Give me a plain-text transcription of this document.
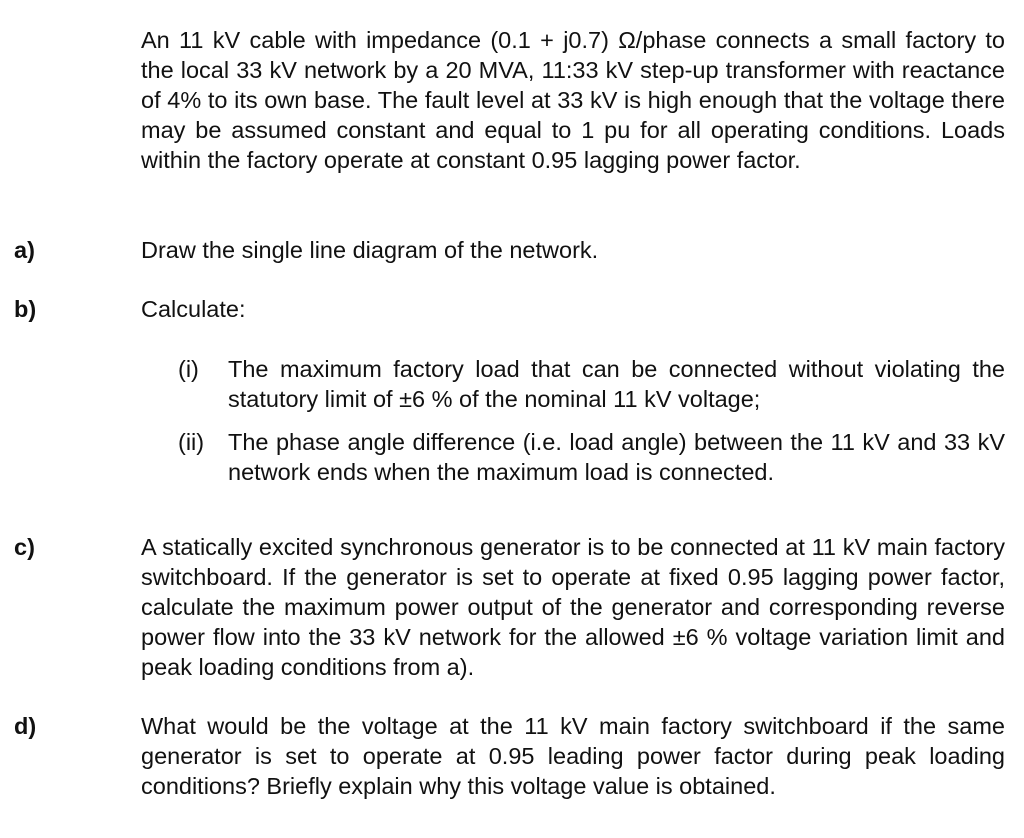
An 11 kV cable with impedance (0.1 + j0.7) Ω/phase connects a small factory to the local 33 kV network by a 20 MVA, 11:33 kV step-up transformer with reactance of 4% to its own base. The fault level at 33 kV is high enough that the voltage there may be assumed constant and equal to 1 pu for all operating conditions. Loads within the factory operate at constant 0.95 lagging power factor.

a)	Draw the single line diagram of the network.

b)	Calculate:

(i) The maximum factory load that can be connected without violating the statutory limit of ±6 % of the nominal 11 kV voltage;

(ii) The phase angle difference (i.e. load angle) between the 11 kV and 33 kV network ends when the maximum load is connected.

c)	A statically excited synchronous generator is to be connected at 11 kV main factory switchboard. If the generator is set to operate at fixed 0.95 lagging power factor, calculate the maximum power output of the generator and corresponding reverse power flow into the 33 kV network for the allowed ±6 % voltage variation limit and peak loading conditions from a).

d)	What would be the voltage at the 11 kV main factory switchboard if the same generator is set to operate at 0.95 leading power factor during peak loading conditions? Briefly explain why this voltage value is obtained.
